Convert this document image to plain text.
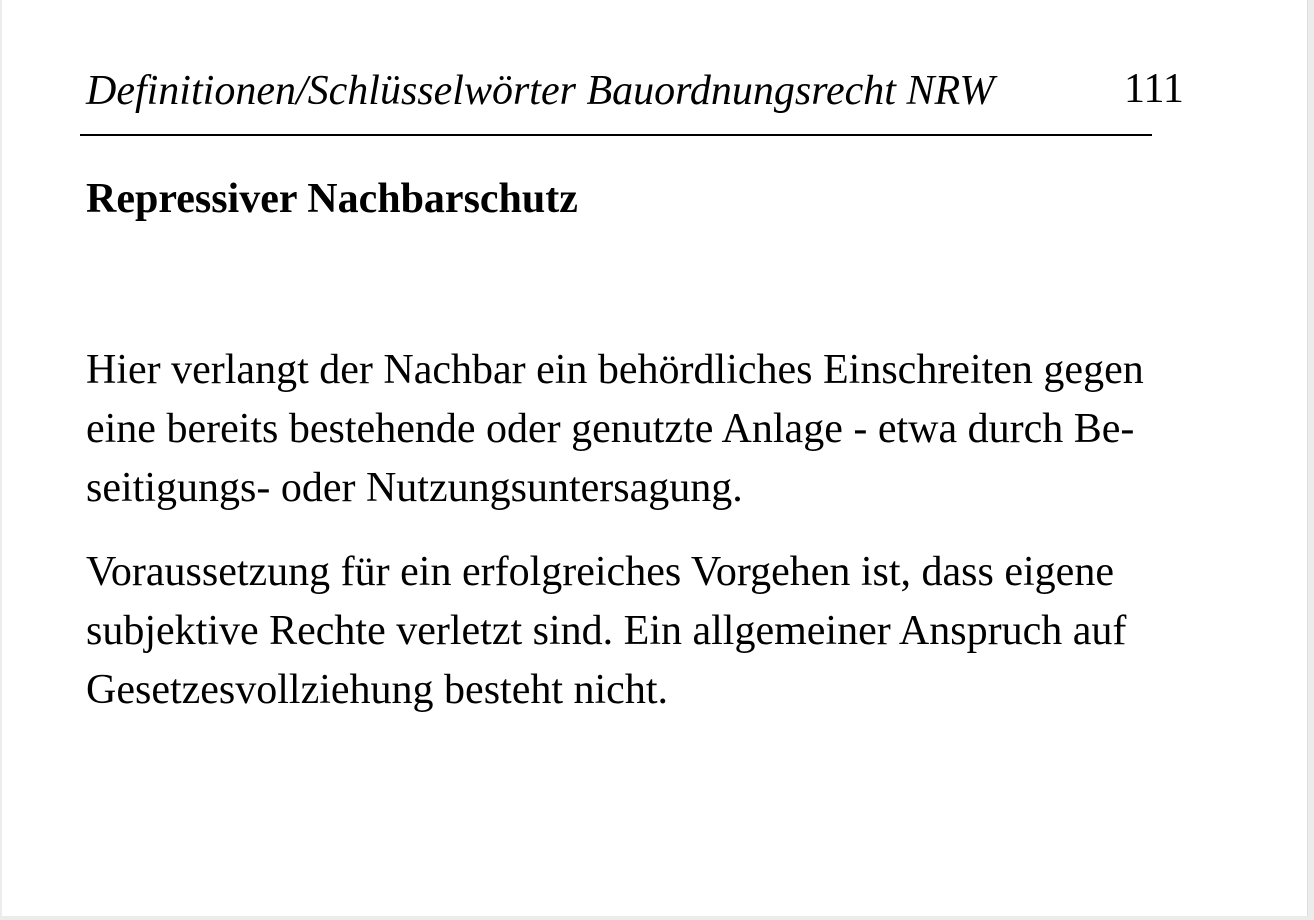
Definitionen/Schlüsselwörter Bauordnungsrecht NRW	111
Repressiver Nachbarschutz
Hier verlangt der Nachbar ein behördliches Einschreiten gegen
eine bereits bestehende oder genutzte Anlage - etwa durch Be-
seitigungs- oder Nutzungsuntersagung.
Voraussetzung für ein erfolgreiches Vorgehen ist, dass eigene
subjektive Rechte verletzt sind. Ein allgemeiner Anspruch auf
Gesetzesvollziehung besteht nicht.
